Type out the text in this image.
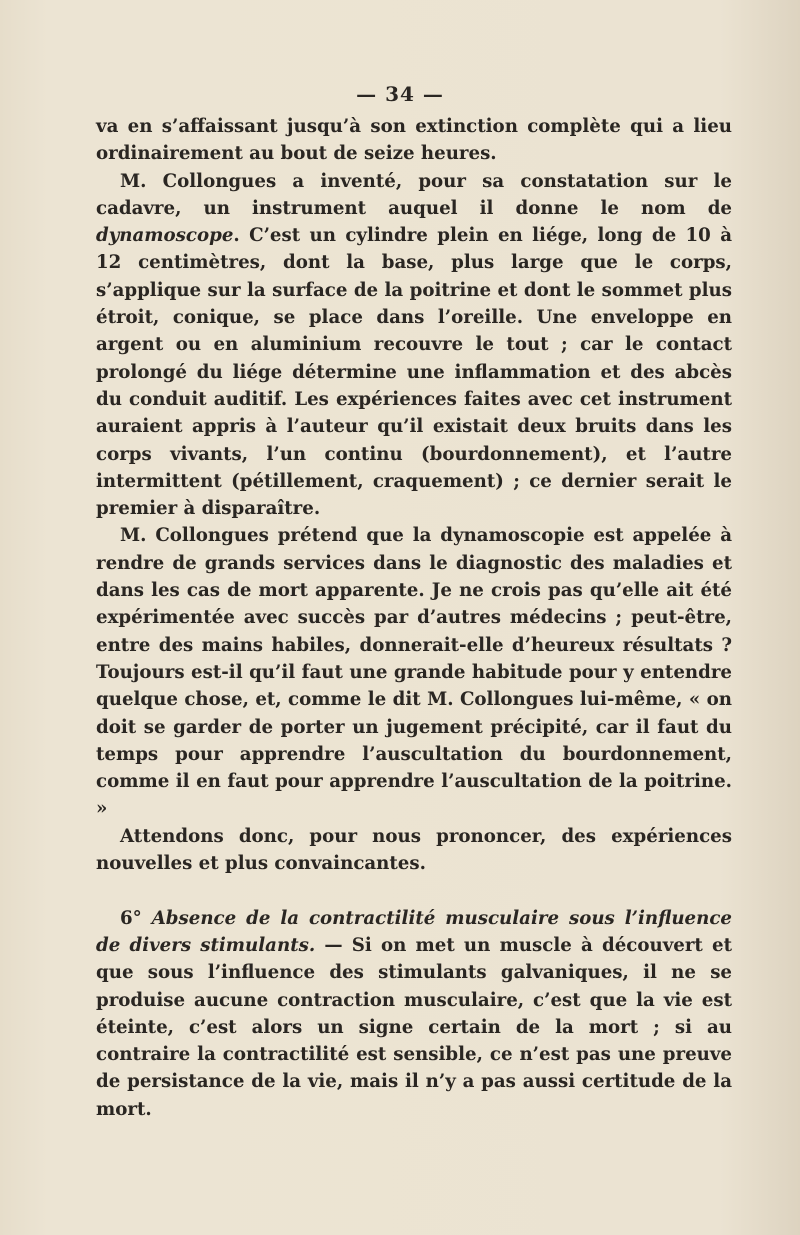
— 34 —

va en s’affaissant jusqu’à son extinction complète qui a lieu ordinairement au bout de seize heures.

M. Collongues a inventé, pour sa constatation sur le cadavre, un instrument auquel il donne le nom de dynamoscope. C’est un cylindre plein en liége, long de 10 à 12 centimètres, dont la base, plus large que le corps, s’applique sur la surface de la poitrine et dont le sommet plus étroit, conique, se place dans l’oreille. Une enveloppe en argent ou en aluminium recouvre le tout ; car le contact prolongé du liége détermine une inflammation et des abcès du conduit auditif. Les expériences faites avec cet instrument auraient appris à l’auteur qu’il existait deux bruits dans les corps vivants, l’un continu (bourdonnement), et l’autre intermittent (pétillement, craquement) ; ce dernier serait le premier à disparaître.

M. Collongues prétend que la dynamoscopie est appelée à rendre de grands services dans le diagnostic des maladies et dans les cas de mort apparente. Je ne crois pas qu’elle ait été expérimentée avec succès par d’autres médecins ; peut-être, entre des mains habiles, donnerait-elle d’heureux résultats ? Toujours est-il qu’il faut une grande habitude pour y entendre quelque chose, et, comme le dit M. Collongues lui-même, « on doit se garder de porter un jugement précipité, car il faut du temps pour apprendre l’auscultation du bourdonnement, comme il en faut pour apprendre l’auscultation de la poitrine. »

Attendons donc, pour nous prononcer, des expériences nouvelles et plus convaincantes.

6° Absence de la contractilité musculaire sous l’influence de divers stimulants. — Si on met un muscle à découvert et que sous l’influence des stimulants galvaniques, il ne se produise aucune contraction musculaire, c’est que la vie est éteinte, c’est alors un signe certain de la mort ; si au contraire la contractilité est sensible, ce n’est pas une preuve de persistance de la vie, mais il n’y a pas aussi certitude de la mort.
